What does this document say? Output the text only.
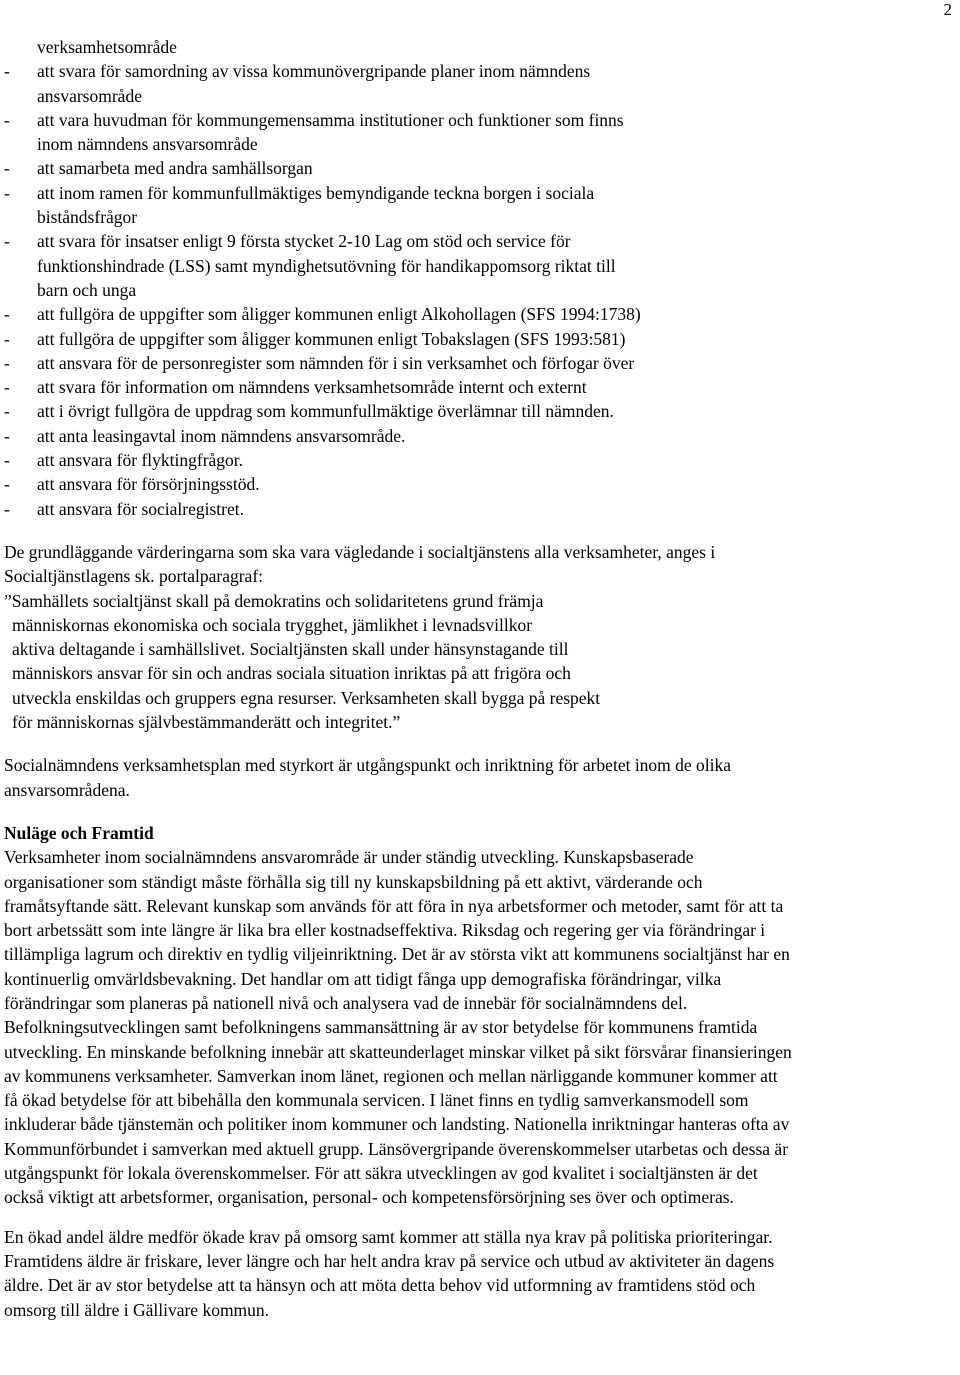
2
verksamhetsområde
- att svara för samordning av vissa kommunövergripande planer inom nämndens
ansvarsområde
- att vara huvudman för kommungemensamma institutioner och funktioner som finns
inom nämndens ansvarsområde
- att samarbeta med andra samhällsorgan
- att inom ramen för kommunfullmäktiges bemyndigande teckna borgen i sociala
biståndsfrågor
- att svara för insatser enligt 9 första stycket 2-10 Lag om stöd och service för
funktionshindrade (LSS) samt myndighetsutövning för handikappomsorg riktat till
barn och unga
- att fullgöra de uppgifter som åligger kommunen enligt Alkohollagen (SFS 1994:1738)
- att fullgöra de uppgifter som åligger kommunen enligt Tobakslagen (SFS 1993:581)
- att ansvara för de personregister som nämnden för i sin verksamhet och förfogar över
- att svara för information om nämndens verksamhetsområde internt och externt
- att i övrigt fullgöra de uppdrag som kommunfullmäktige överlämnar till nämnden.
- att anta leasingavtal inom nämndens ansvarsområde.
- att ansvara för flyktingfrågor.
- att ansvara för försörjningsstöd.
- att ansvara för socialregistret.
De grundläggande värderingarna som ska vara vägledande i socialtjänstens alla verksamheter, anges i
Socialtjänstlagens sk. portalparagraf:
”Samhällets socialtjänst skall på demokratins och solidaritetens grund främja
människornas ekonomiska och sociala trygghet, jämlikhet i levnadsvillkor
aktiva deltagande i samhällslivet. Socialtjänsten skall under hänsynstagande till
människors ansvar för sin och andras sociala situation inriktas på att frigöra och
utveckla enskildas och gruppers egna resurser. Verksamheten skall bygga på respekt
för människornas självbestämmanderätt och integritet.”
Socialnämndens verksamhetsplan med styrkort är utgångspunkt och inriktning för arbetet inom de olika
ansvarsområdena.
Nuläge och Framtid
Verksamheter inom socialnämndens ansvarområde är under ständig utveckling. Kunskapsbaserade
organisationer som ständigt måste förhålla sig till ny kunskapsbildning på ett aktivt, värderande och
framåtsyftande sätt. Relevant kunskap som används för att föra in nya arbetsformer och metoder, samt för att ta
bort arbetssätt som inte längre är lika bra eller kostnadseffektiva. Riksdag och regering ger via förändringar i
tillämpliga lagrum och direktiv en tydlig viljeinriktning. Det är av största vikt att kommunens socialtjänst har en
kontinuerlig omvärldsbevakning. Det handlar om att tidigt fånga upp demografiska förändringar, vilka
förändringar som planeras på nationell nivå och analysera vad de innebär för socialnämndens del.
Befolkningsutvecklingen samt befolkningens sammansättning är av stor betydelse för kommunens framtida
utveckling. En minskande befolkning innebär att skatteunderlaget minskar vilket på sikt försvårar finansieringen
av kommunens verksamheter. Samverkan inom länet, regionen och mellan närliggande kommuner kommer att
få ökad betydelse för att bibehålla den kommunala servicen. I länet finns en tydlig samverkansmodell som
inkluderar både tjänstemän och politiker inom kommuner och landsting. Nationella inriktningar hanteras ofta av
Kommunförbundet i samverkan med aktuell grupp. Länsövergripande överenskommelser utarbetas och dessa är
utgångspunkt för lokala överenskommelser. För att säkra utvecklingen av god kvalitet i socialtjänsten är det
också viktigt att arbetsformer, organisation, personal- och kompetensförsörjning ses över och optimeras.
En ökad andel äldre medför ökade krav på omsorg samt kommer att ställa nya krav på politiska prioriteringar.
Framtidens äldre är friskare, lever längre och har helt andra krav på service och utbud av aktiviteter än dagens
äldre. Det är av stor betydelse att ta hänsyn och att möta detta behov vid utformning av framtidens stöd och
omsorg till äldre i Gällivare kommun.
